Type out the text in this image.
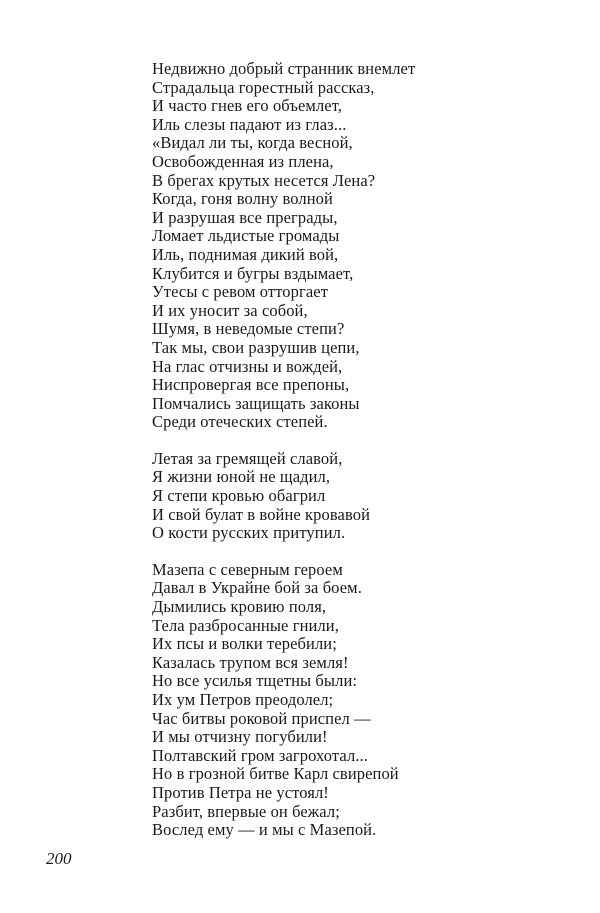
Недвижно добрый странник внемлет
Страдальца горестный рассказ,
И часто гнев его объемлет,
Иль слезы падают из глаз...
«Видал ли ты, когда весной,
Освобожденная из плена,
В брегах крутых несется Лена?
Когда, гоня волну волной
И разрушая все преграды,
Ломает льдистые громады
Иль, поднимая дикий вой,
Клубится и бугры вздымает,
Утесы с ревом отторгает
И их уносит за собой,
Шумя, в неведомые степи?
Так мы, свои разрушив цепи,
На глас отчизны и вождей,
Ниспровергая все препоны,
Помчались защищать законы
Среди отеческих степей.
Летая за гремящей славой,
Я жизни юной не щадил,
Я степи кровью обагрил
И свой булат в войне кровавой
О кости русских притупил.
Мазепа с северным героем
Давал в Украйне бой за боем.
Дымились кровию поля,
Тела разбросанные гнили,
Их псы и волки теребили;
Казалась трупом вся земля!
Но все усилья тщетны были:
Их ум Петров преодолел;
Час битвы роковой приспел —
И мы отчизну погубили!
Полтавский гром загрохотал...
Но в грозной битве Карл свирепой
Против Петра не устоял!
Разбит, впервые он бежал;
Вослед ему — и мы с Мазепой.
200
